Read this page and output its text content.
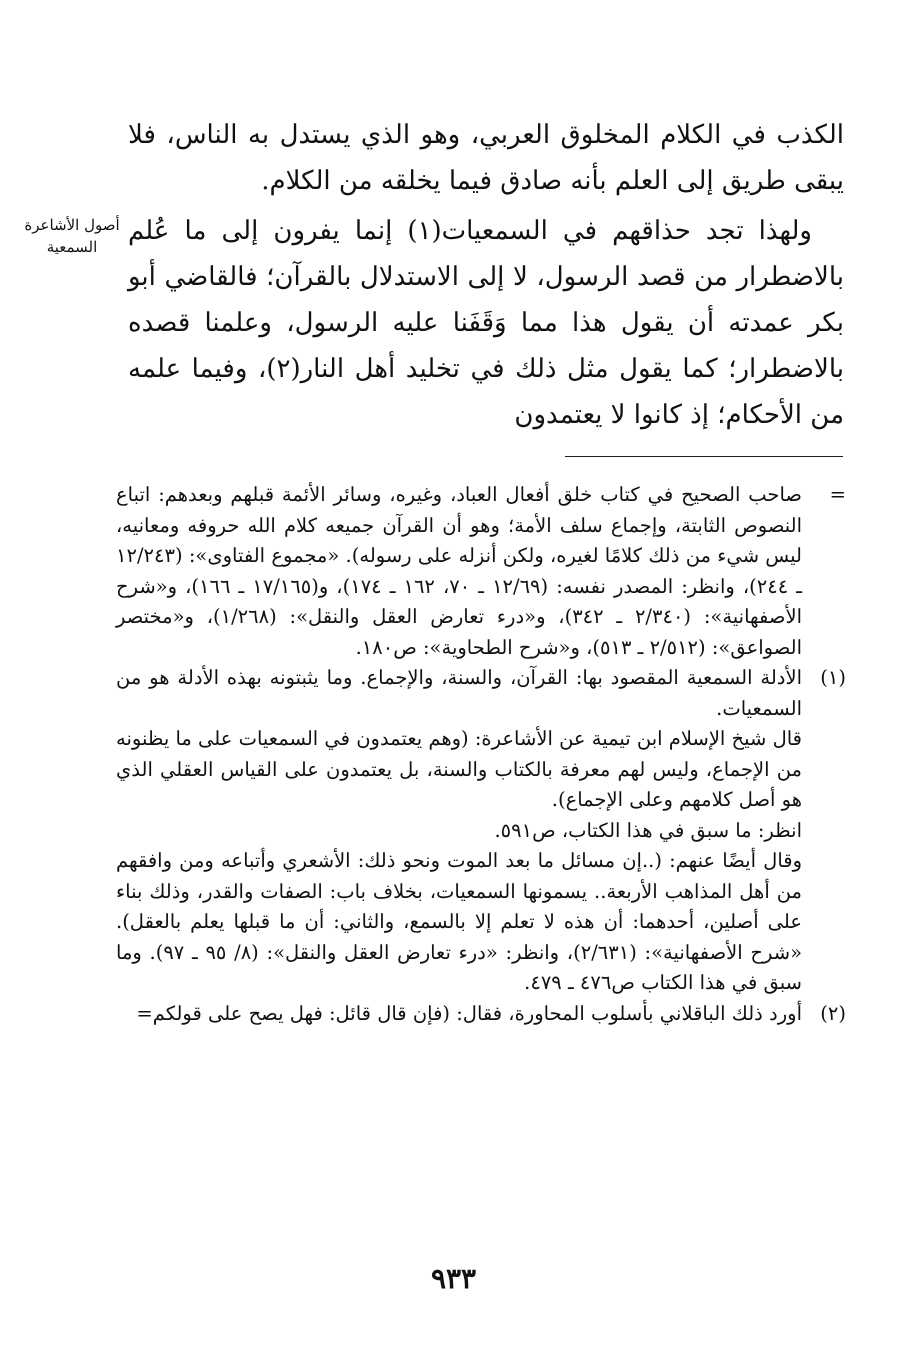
الكذب في الكلام المخلوق العربي، وهو الذي يستدل به الناس، فلا يبقى طريق إلى العلم بأنه صادق فيما يخلقه من الكلام.

ولهذا تجد حذاقهم في السمعيات(١) إنما يفرون إلى ما عُلم بالاضطرار من قصد الرسول، لا إلى الاستدلال بالقرآن؛ فالقاضي أبو بكر عمدته أن يقول هذا مما وَقَفَنا عليه الرسول، وعلمنا قصده بالاضطرار؛ كما يقول مثل ذلك في تخليد أهل النار(٢)، وفيما علمه من الأحكام؛ إذ كانوا لا يعتمدون

أصول الأشاعرة السمعية

=
صاحب الصحيح في كتاب خلق أفعال العباد، وغيره، وسائر الأئمة قبلهم وبعدهم: اتباع النصوص الثابتة، وإجماع سلف الأمة؛ وهو أن القرآن جميعه كلام الله حروفه ومعانيه، ليس شيء من ذلك كلامًا لغيره، ولكن أنزله على رسوله). «مجموع الفتاوى»: (١٢/٢٤٣ ـ ٢٤٤)، وانظر: المصدر نفسه: (١٢/٦٩ ـ ٧٠، ١٦٢ ـ ١٧٤)، و(١٧/١٦٥ ـ ١٦٦)، و«شرح الأصفهانية»: (٢/٣٤٠ ـ ٣٤٢)، و«درء تعارض العقل والنقل»: (١/٢٦٨)، و«مختصر الصواعق»: (٢/٥١٢ ـ ٥١٣)، و«شرح الطحاوية»: ص١٨٠.

(١)
الأدلة السمعية المقصود بها: القرآن، والسنة، والإجماع. وما يثبتونه بهذه الأدلة هو من السمعيات.

قال شيخ الإسلام ابن تيمية عن الأشاعرة: (وهم يعتمدون في السمعيات على ما يظنونه من الإجماع، وليس لهم معرفة بالكتاب والسنة، بل يعتمدون على القياس العقلي الذي هو أصل كلامهم وعلى الإجماع).

انظر: ما سبق في هذا الكتاب، ص٥٩١.

وقال أيضًا عنهم: (..إن مسائل ما بعد الموت ونحو ذلك: الأشعري وأتباعه ومن وافقهم من أهل المذاهب الأربعة.. يسمونها السمعيات، بخلاف باب: الصفات والقدر، وذلك بناء على أصلين، أحدهما: أن هذه لا تعلم إلا بالسمع، والثاني: أن ما قبلها يعلم بالعقل). «شرح الأصفهانية»: (٢/٦٣١)، وانظر: «درء تعارض العقل والنقل»: (٨/ ٩٥ ـ ٩٧). وما سبق في هذا الكتاب ص٤٧٦ ـ ٤٧٩.

(٢)
أورد ذلك الباقلاني بأسلوب المحاورة، فقال: (فإن قال قائل: فهل يصح على قولكم=

٩٣٣
